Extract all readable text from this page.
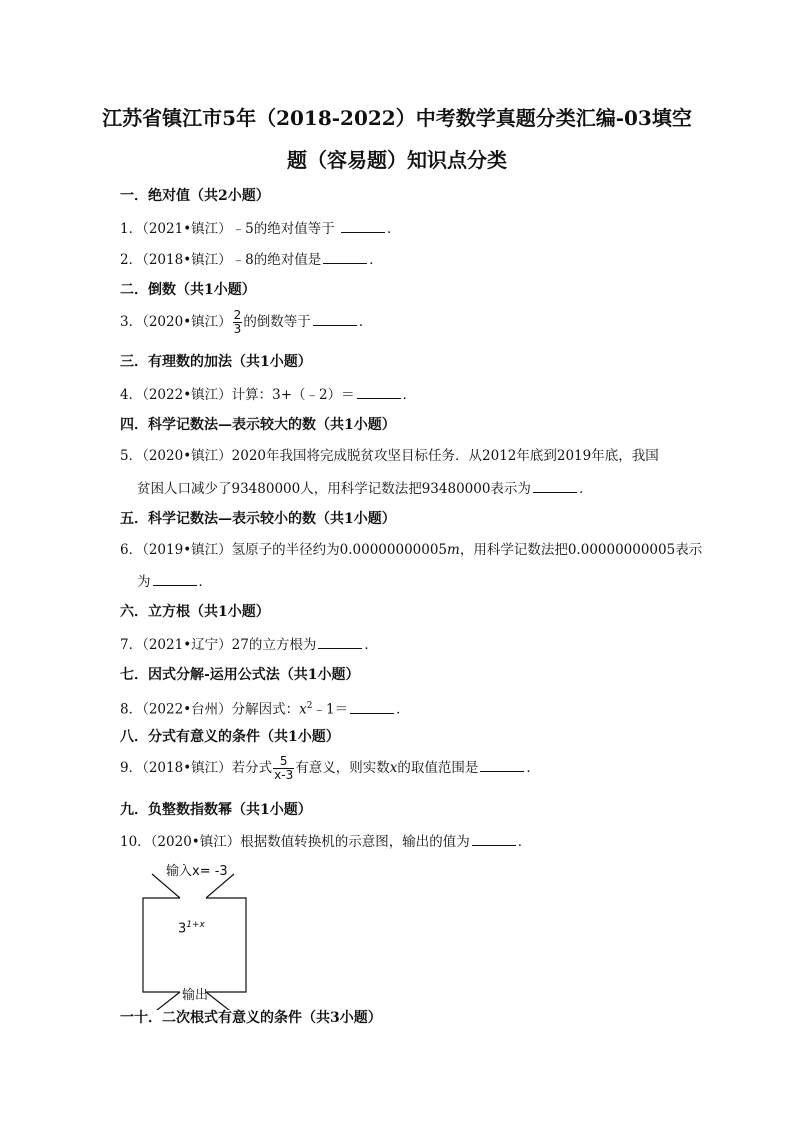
江苏省镇江市5年（2018-2022）中考数学真题分类汇编-03填空
题（容易题）知识点分类
一．绝对值（共2小题）
1．（2021•镇江）﹣5的绝对值等于	．
2．（2018•镇江）﹣8的绝对值是	．
二．倒数（共1小题）
3．（2020•镇江） $\frac{2}{3}$ 的倒数等于	．
三．有理数的加法（共1小题）
4．（2022•镇江）计算：3+（﹣2）＝	．
四．科学记数法—表示较大的数（共1小题）
5．（2020•镇江）2020年我国将完成脱贫攻坚目标任务．从2012年底到2019年底，我国
贫困人口减少了93480000人，用科学记数法把93480000表示为	．
五．科学记数法—表示较小的数（共1小题）
6．（2019•镇江）氢原子的半径约为0.00000000005m，用科学记数法把0.00000000005表示
为	．
六．立方根（共1小题）
7．（2021•辽宁）27的立方根为	．
七．因式分解-运用公式法（共1小题）
8．（2022•台州）分解因式：$x^2﹣1=$	．
八．分式有意义的条件（共1小题）
9．（2018•镇江）若分式 $\frac{5}{x-3}$ 有意义，则实数x的取值范围是	．
九．负整数指数幂（共1小题）
10．（2020•镇江）根据数值转换机的示意图，输出的值为	．
输入x= -3
$3^{1+x}$
输出
一十．二次根式有意义的条件（共3小题）
